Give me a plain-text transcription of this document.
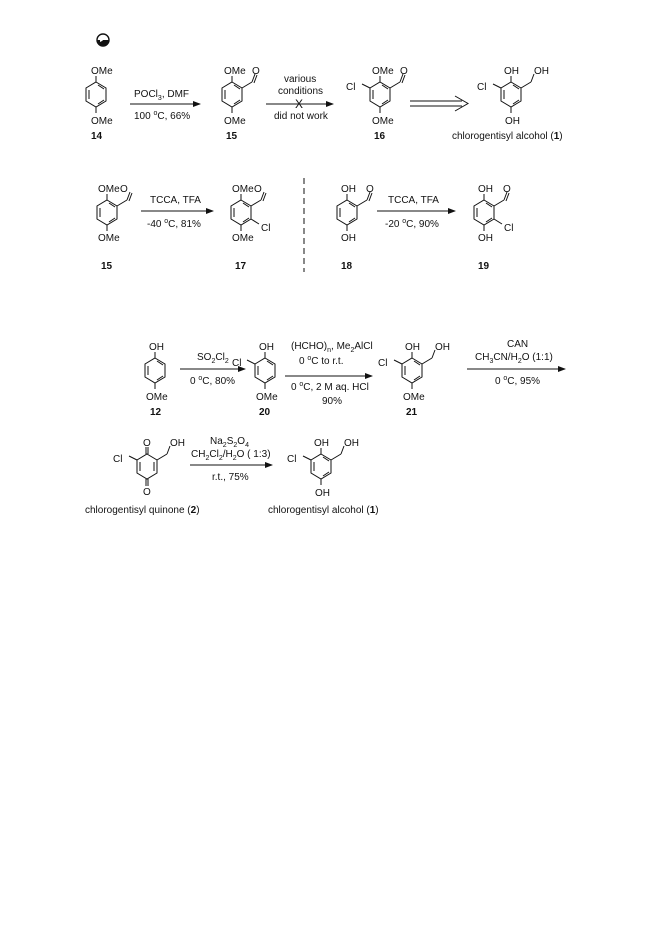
OMe
OMe
14
POCl$_3$, DMF
100 $^o$C, 66%
OMe O
OMe
15
various
conditions
X
did not work
Cl
OMe O
OMe
16
Cl
OH OH
OH
chlorogentisyl alcohol (1)
OMe O
OMe
15
TCCA, TFA
-40 $^o$C, 81%
OMe O
Cl
OMe
17
OH O
OH
18
TCCA, TFA
-20 $^o$C, 90%
OH O
Cl
OH
19
OH
OMe
12
$SO_2Cl_2$
0 $^o$C, 80%
OH
Cl
OMe
20
$(HCHO)_n$, $Me_2AlCl$
0 $^o$C to r.t.
0 $^o$C, 2 M aq. HCl
90%
OH OH
Cl
OMe
21
CAN
$CH_3CN/H_2O$ (1:1)
0 $^o$C, 95%
O OH
Cl
O
chlorogentisyl quinone (2)
$Na_2S_2O_4$
$CH_2Cl_2/H_2O$ ( 1:3)
r.t., 75%
OH OH
Cl
OH
chlorogentisyl alcohol (1)
